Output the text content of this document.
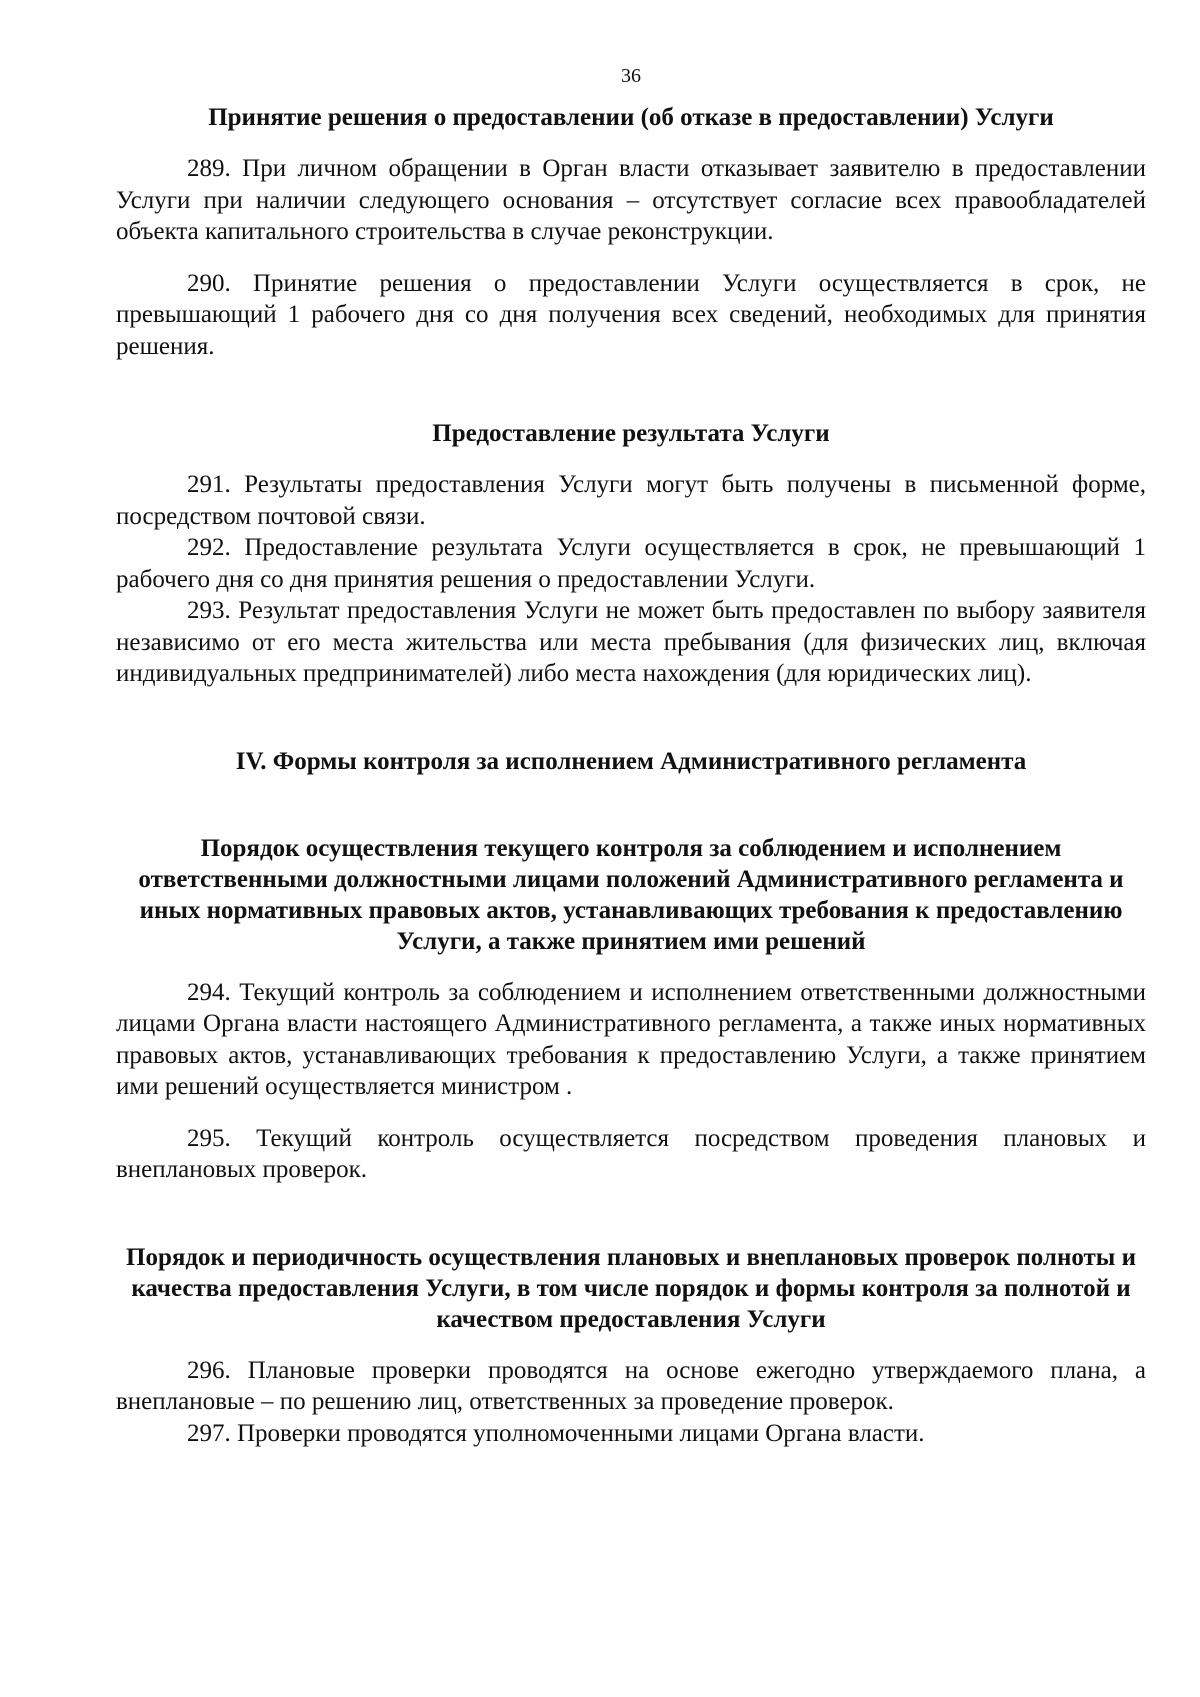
36
Принятие решения о предоставлении (об отказе в предоставлении) Услуги

289. При личном обращении в Орган власти отказывает заявителю в предоставлении Услуги при наличии следующего основания – отсутствует согласие всех правообладателей объекта капитального строительства в случае реконструкции.

290. Принятие решения о предоставлении Услуги осуществляется в срок, не превышающий 1 рабочего дня со дня получения всех сведений, необходимых для принятия решения.

Предоставление результата Услуги

291. Результаты предоставления Услуги могут быть получены в письменной форме, посредством почтовой связи.

292. Предоставление результата Услуги осуществляется в срок, не превышающий 1 рабочего дня со дня принятия решения о предоставлении Услуги.

293. Результат предоставления Услуги не может быть предоставлен по выбору заявителя независимо от его места жительства или места пребывания (для физических лиц, включая индивидуальных предпринимателей) либо места нахождения (для юридических лиц).

IV. Формы контроля за исполнением Административного регламента
Порядок осуществления текущего контроля за соблюдением и исполнением ответственными должностными лицами положений Административного регламента и иных нормативных правовых актов, устанавливающих требования к предоставлению Услуги, а также принятием ими решений

294. Текущий контроль за соблюдением и исполнением ответственными должностными лицами Органа власти настоящего Административного регламента, а также иных нормативных правовых актов, устанавливающих требования к предоставлению Услуги, а также принятием ими решений осуществляется министром .

295. Текущий контроль осуществляется посредством проведения плановых и внеплановых проверок.

Порядок и периодичность осуществления плановых и внеплановых проверок полноты и качества предоставления Услуги, в том числе порядок и формы контроля за полнотой и качеством предоставления Услуги

296. Плановые проверки проводятся на основе ежегодно утверждаемого плана, а внеплановые – по решению лиц, ответственных за проведение проверок.

297. Проверки проводятся уполномоченными лицами Органа власти.
